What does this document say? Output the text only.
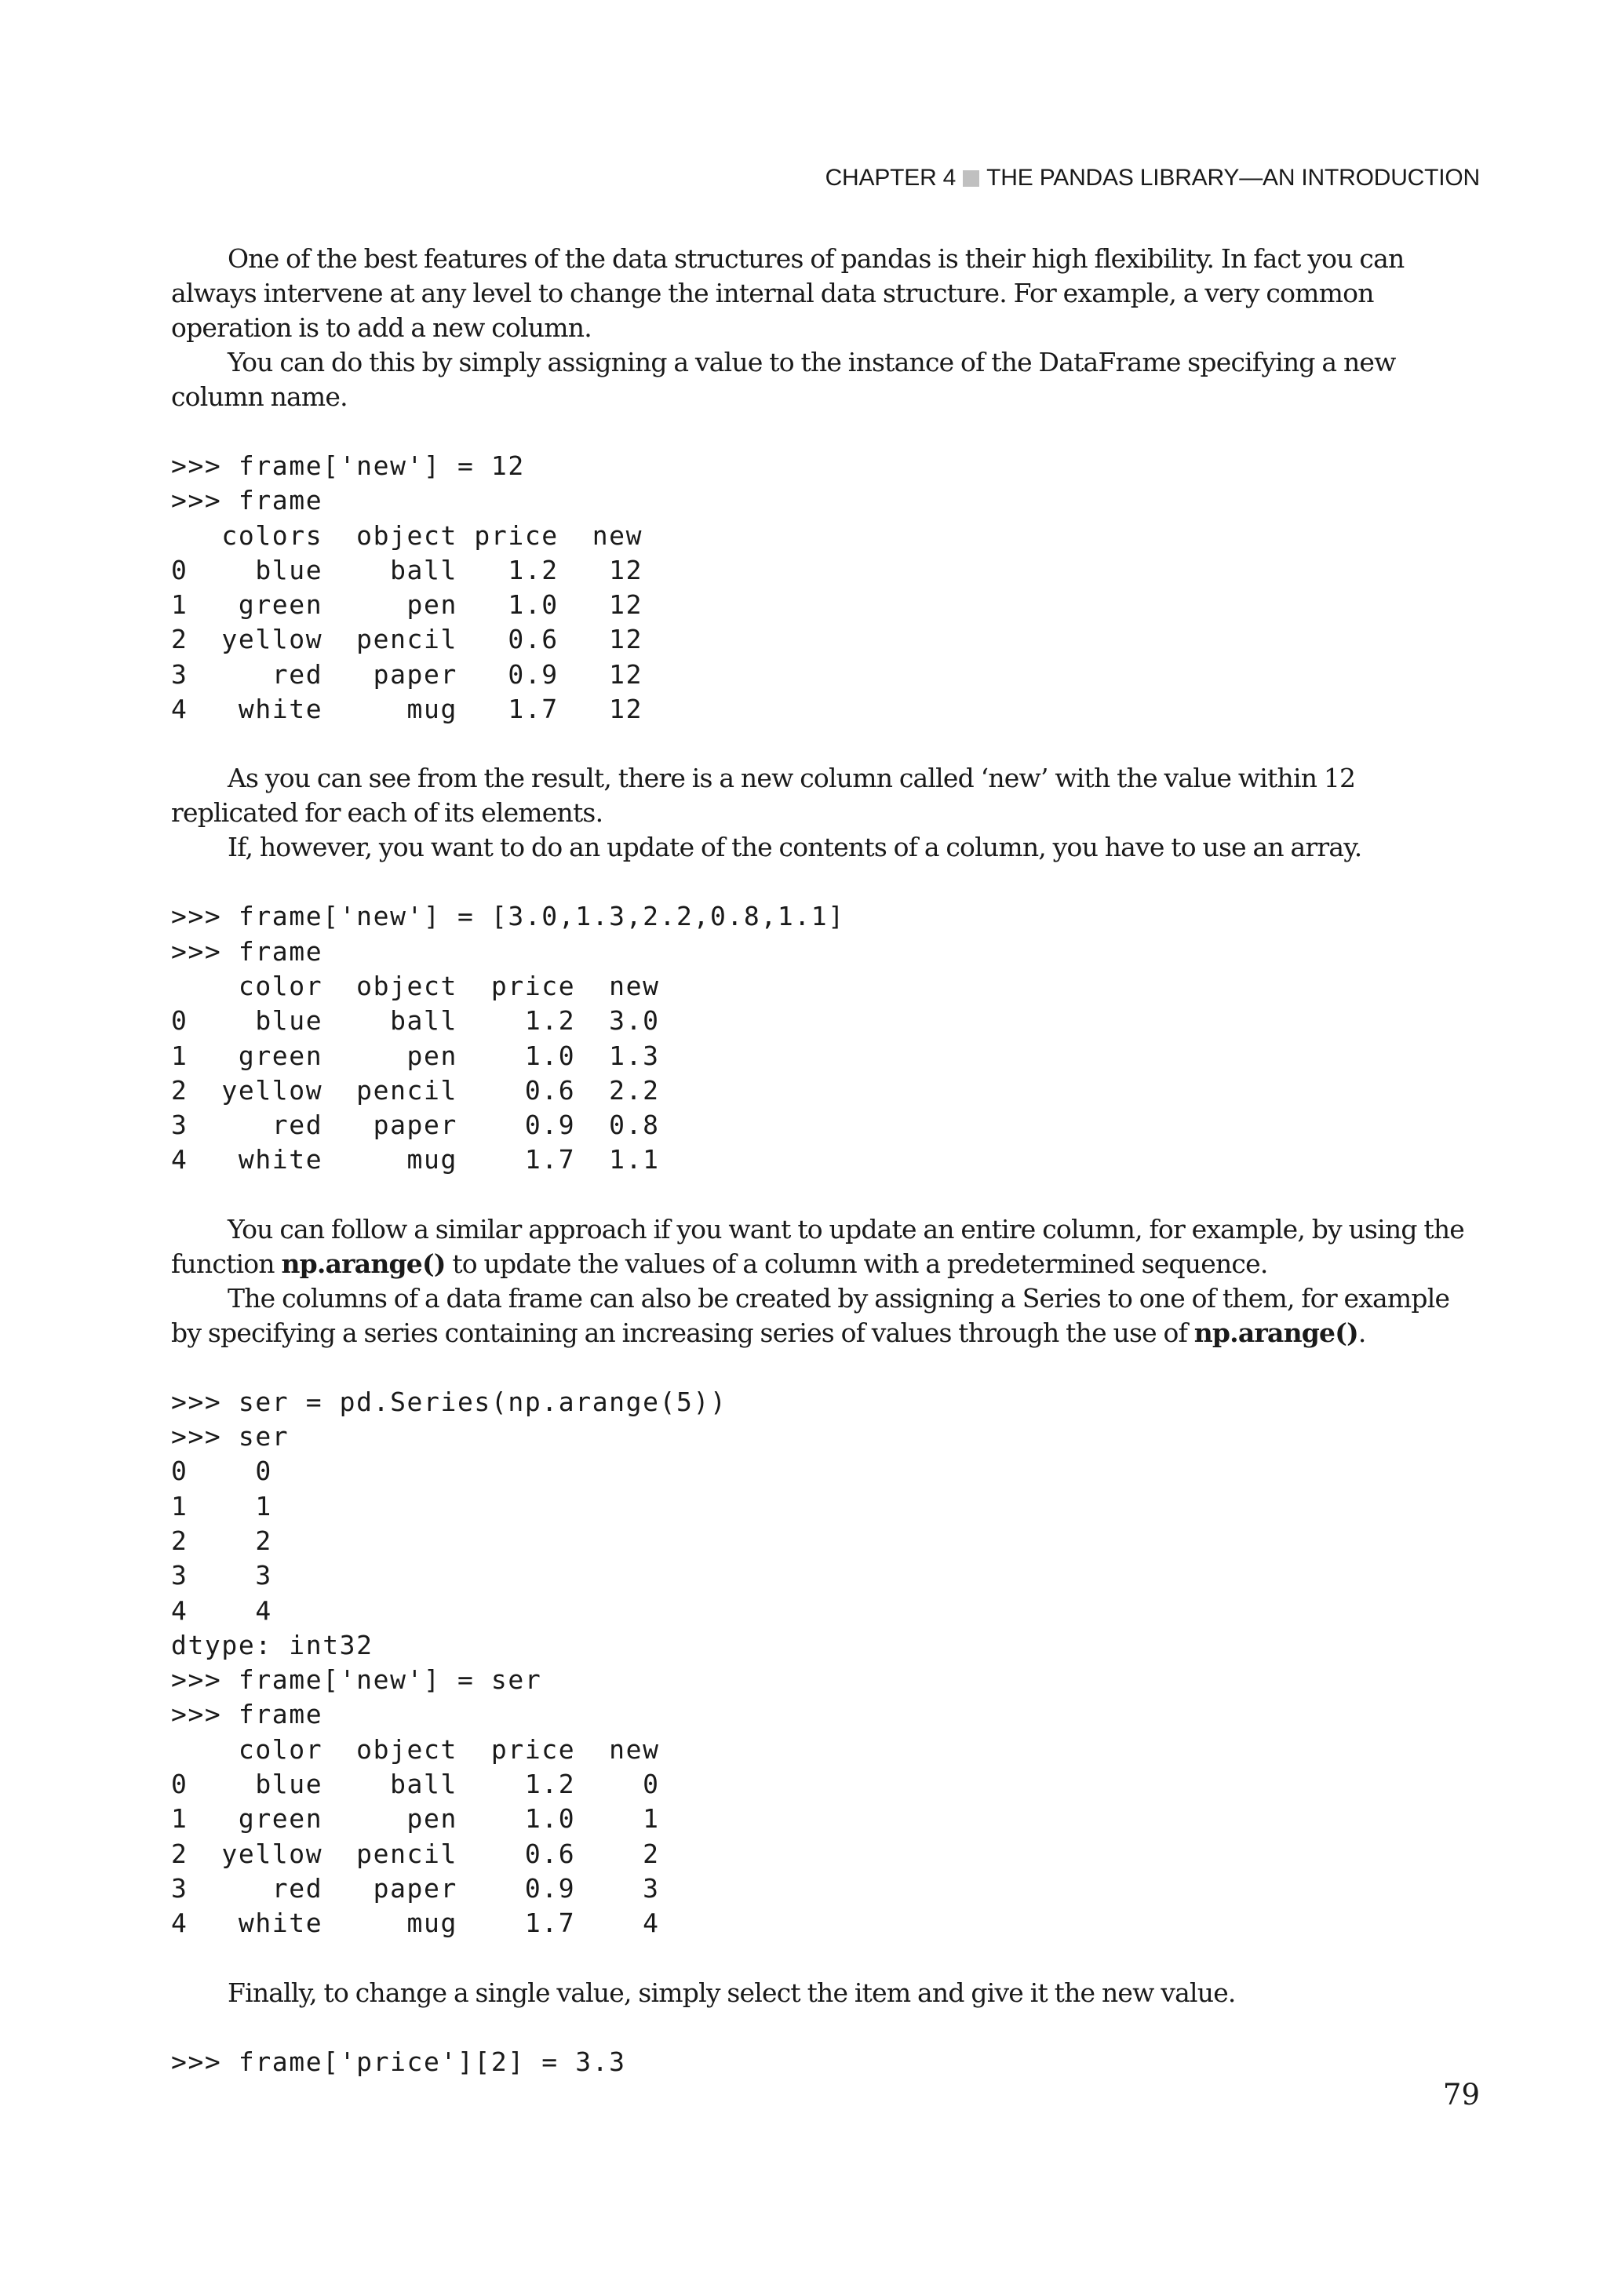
CHAPTER 4 THE PANDAS LIBRARY—AN INTRODUCTION

One of the best features of the data structures of pandas is their high flexibility. In fact you can always intervene at any level to change the internal data structure. For example, a very common operation is to add a new column.

You can do this by simply assigning a value to the instance of the DataFrame specifying a new column name.

>>> frame['new'] = 12
>>> frame
colors  object price  new
0    blue    ball   1.2   12
1   green     pen   1.0   12
2  yellow  pencil   0.6   12
3     red   paper   0.9   12
4   white     mug   1.7   12

As you can see from the result, there is a new column called ‘new’ with the value within 12 replicated for each of its elements.

If, however, you want to do an update of the contents of a column, you have to use an array.

>>> frame['new'] = [3.0,1.3,2.2,0.8,1.1]
>>> frame
color  object  price  new
0    blue    ball    1.2  3.0
1   green     pen    1.0  1.3
2  yellow  pencil    0.6  2.2
3     red   paper    0.9  0.8
4   white     mug    1.7  1.1

You can follow a similar approach if you want to update an entire column, for example, by using the function np.arange() to update the values of a column with a predetermined sequence.

The columns of a data frame can also be created by assigning a Series to one of them, for example by specifying a series containing an increasing series of values through the use of np.arange().

>>> ser = pd.Series(np.arange(5))
>>> ser
0    0
1    1
2    2
3    3
4    4
dtype: int32
>>> frame['new'] = ser
>>> frame
color  object  price  new
0    blue    ball    1.2    0
1   green     pen    1.0    1
2  yellow  pencil    0.6    2
3     red   paper    0.9    3
4   white     mug    1.7    4

Finally, to change a single value, simply select the item and give it the new value.

>>> frame['price'][2] = 3.3
79
